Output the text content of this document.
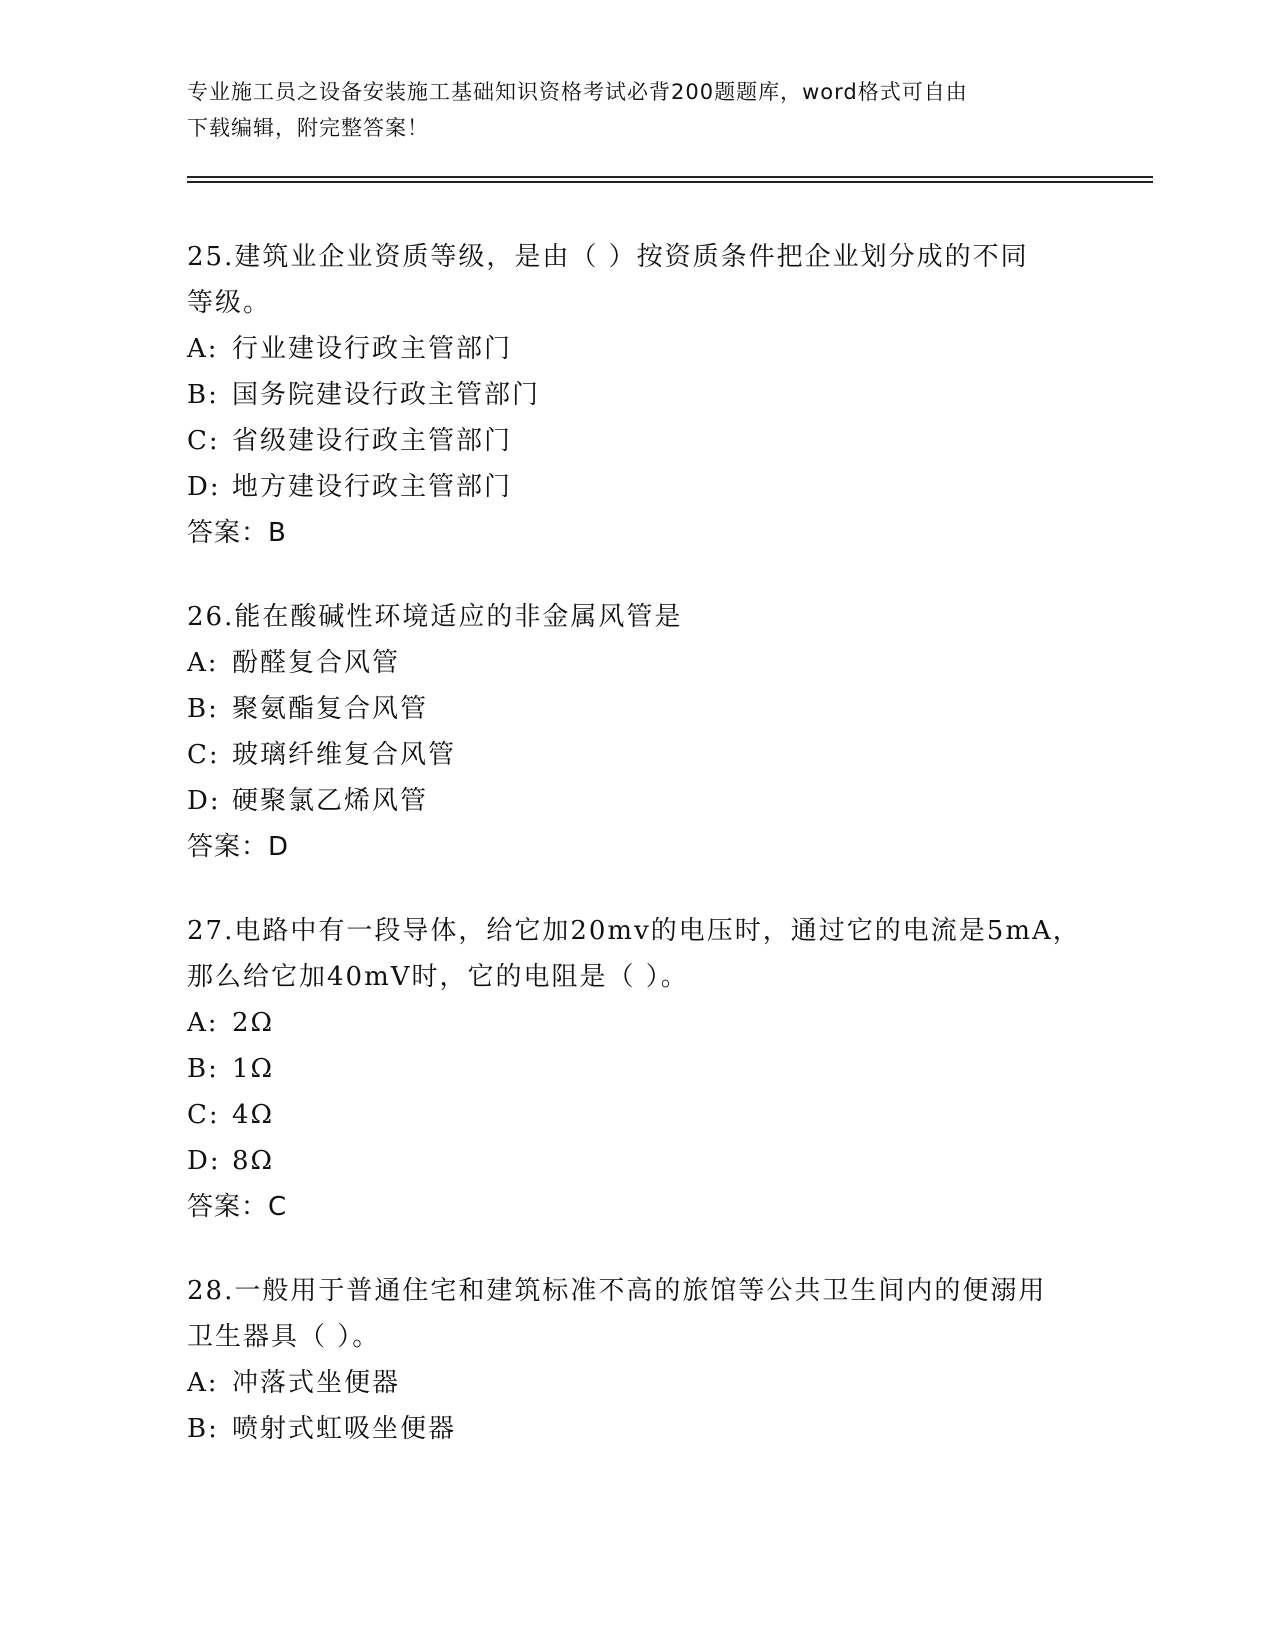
专业施工员之设备安装施工基础知识资格考试必背200题题库，word格式可自由
下载编辑，附完整答案！
25.建筑业企业资质等级，是由（ ）按资质条件把企业划分成的不同
等级。
A: 行业建设行政主管部门
B: 国务院建设行政主管部门
C: 省级建设行政主管部门
D: 地方建设行政主管部门
答案：B
26.能在酸碱性环境适应的非金属风管是
A: 酚醛复合风管
B: 聚氨酯复合风管
C: 玻璃纤维复合风管
D: 硬聚氯乙烯风管
答案：D
27.电路中有一段导体，给它加20mv的电压时，通过它的电流是5mA，
那么给它加40mV时，它的电阻是（ ）。
A: 2Ω
B: 1Ω
C: 4Ω
D: 8Ω
答案：C
28.一般用于普通住宅和建筑标准不高的旅馆等公共卫生间内的便溺用
卫生器具（ ）。
A: 冲落式坐便器
B: 喷射式虹吸坐便器
